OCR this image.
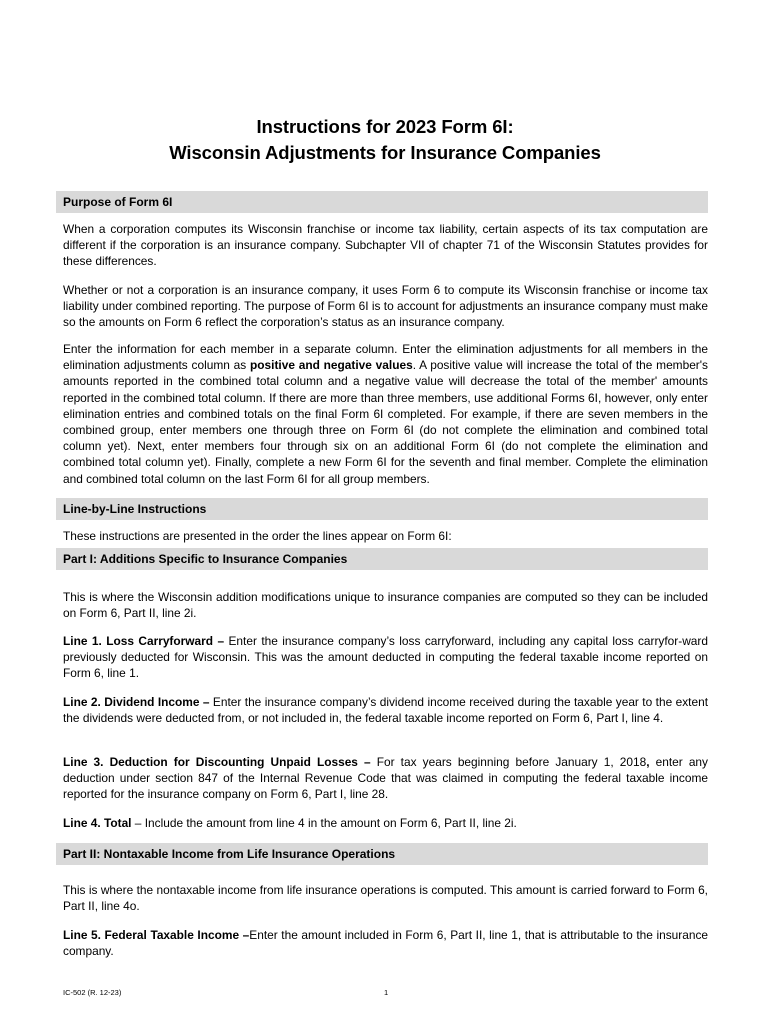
Instructions for 2023 Form 6I:
Wisconsin Adjustments for Insurance Companies
Purpose of Form 6I
When a corporation computes its Wisconsin franchise or income tax liability, certain aspects of its tax computation are different if the corporation is an insurance company. Subchapter VII of chapter 71 of the Wisconsin Statutes provides for these differences.
Whether or not a corporation is an insurance company, it uses Form 6 to compute its Wisconsin franchise or income tax liability under combined reporting. The purpose of Form 6I is to account for adjustments an insurance company must make so the amounts on Form 6 reflect the corporation’s status as an insurance company.
Enter the information for each member in a separate column. Enter the elimination adjustments for all members in the elimination adjustments column as positive and negative values. A positive value will increase the total of the member's amounts reported in the combined total column and a negative value will decrease the total of the member' amounts reported in the combined total column. If there are more than three members, use additional Forms 6I, however, only enter elimination entries and combined totals on the final Form 6I completed. For example, if there are seven members in the combined group, enter members one through three on Form 6I (do not complete the elimination and combined total column yet). Next, enter members four through six on an additional Form 6I (do not complete the elimination and combined total column yet). Finally, complete a new Form 6I for the seventh and final member. Complete the elimination and combined total column on the last Form 6I for all group members.
Line-by-Line Instructions
These instructions are presented in the order the lines appear on Form 6I:
Part I: Additions Specific to Insurance Companies
This is where the Wisconsin addition modifications unique to insurance companies are computed so they can be included on Form 6, Part II, line 2i.
Line 1. Loss Carryforward – Enter the insurance company’s loss carryforward, including any capital loss carryfor-ward previously deducted for Wisconsin. This was the amount deducted in computing the federal taxable income reported on Form 6, line 1.
Line 2. Dividend Income – Enter the insurance company’s dividend income received during the taxable year to the extent the dividends were deducted from, or not included in, the federal taxable income reported on Form 6, Part I, line 4.
Line 3. Deduction for Discounting Unpaid Losses – For tax years beginning before January 1, 2018, enter any deduction under section 847 of the Internal Revenue Code that was claimed in computing the federal taxable income reported for the insurance company on Form 6, Part I, line 28.
Line 4. Total – Include the amount from line 4 in the amount on Form 6, Part II, line 2i.
Part II: Nontaxable Income from Life Insurance Operations
This is where the nontaxable income from life insurance operations is computed. This amount is carried forward to Form 6, Part II, line 4o.
Line 5. Federal Taxable Income –Enter the amount included in Form 6, Part II, line 1, that is attributable to the insurance company.
IC-502 (R. 12-23)	1
